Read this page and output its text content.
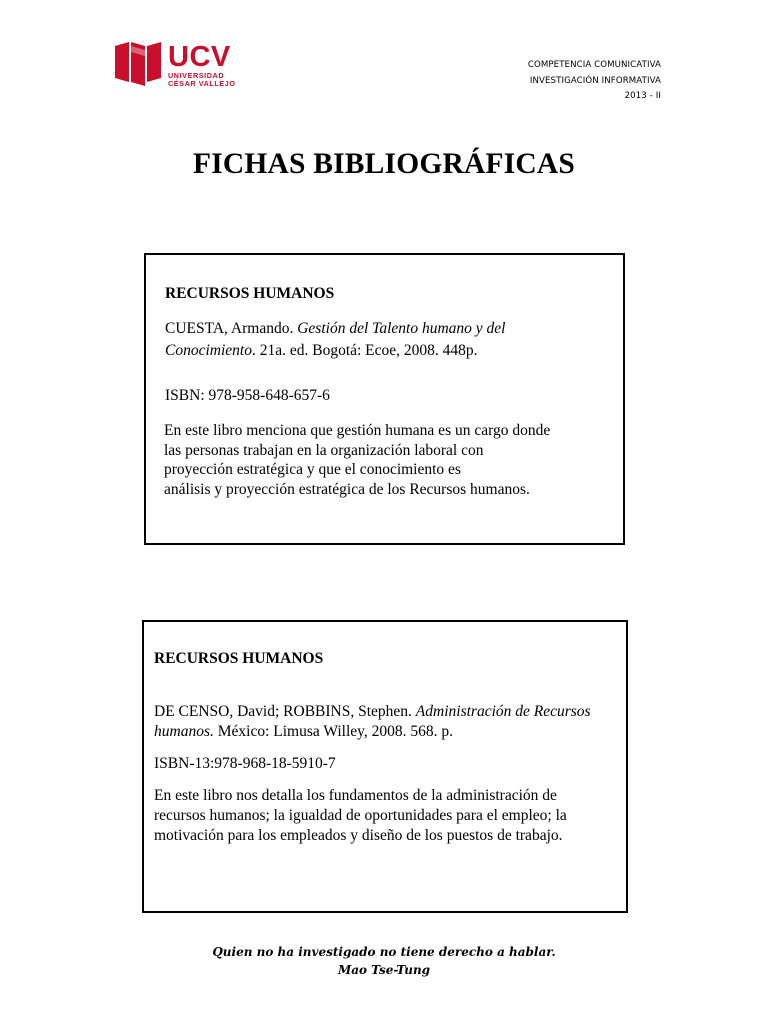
UCV
UNIVERSIDAD
CÉSAR VALLEJO
COMPETENCIA COMUNICATIVA
INVESTIGACIÓN INFORMATIVA
2013 - II
FICHAS BIBLIOGRÁFICAS
RECURSOS HUMANOS

CUESTA, Armando. Gestión del Talento humano y del
Conocimiento. 21a. ed. Bogotá: Ecoe, 2008. 448p.

ISBN: 978-958-648-657-6

En este libro menciona que gestión humana es un cargo donde
las personas trabajan en la organización laboral con
proyección estratégica y que el conocimiento es
análisis y proyección estratégica de los Recursos humanos.

RECURSOS HUMANOS

DE CENSO, David; ROBBINS, Stephen. Administración de Recursos
humanos. México: Limusa Willey, 2008. 568. p.

ISBN-13:978-968-18-5910-7

En este libro nos detalla los fundamentos de la administración de
recursos humanos; la igualdad de oportunidades para el empleo; la
motivación para los empleados y diseño de los puestos de trabajo.

Quien no ha investigado no tiene derecho a hablar.
Mao Tse-Tung
